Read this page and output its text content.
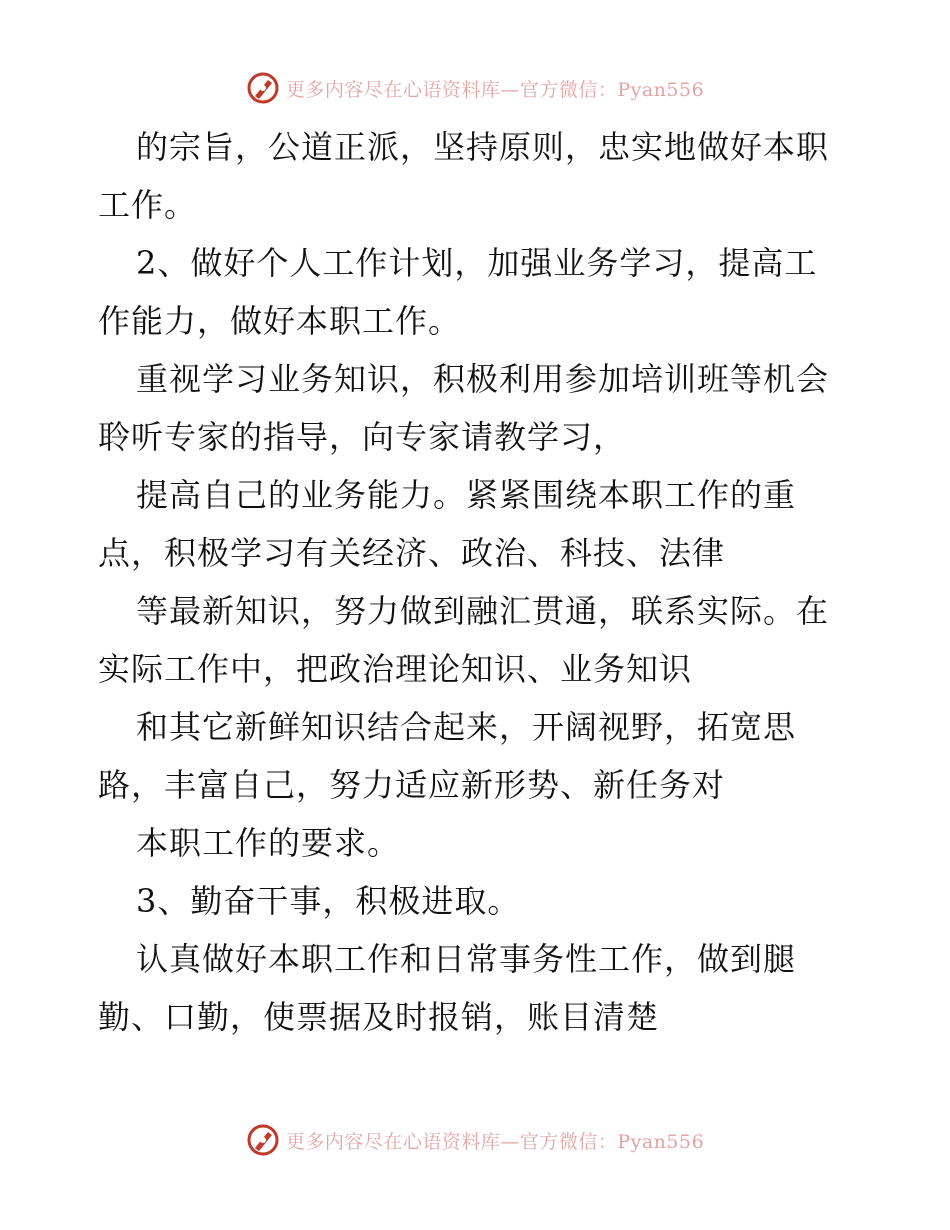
更多内容尽在心语资料库—官方微信：Pyan556
的宗旨，公道正派，坚持原则，忠实地做好本职
工作。
2、做好个人工作计划，加强业务学习，提高工
作能力，做好本职工作。
重视学习业务知识，积极利用参加培训班等机会
聆听专家的指导，向专家请教学习，
提高自己的业务能力。紧紧围绕本职工作的重
点，积极学习有关经济、政治、科技、法律
等最新知识，努力做到融汇贯通，联系实际。在
实际工作中，把政治理论知识、业务知识
和其它新鲜知识结合起来，开阔视野，拓宽思
路，丰富自己，努力适应新形势、新任务对
本职工作的要求。
3、勤奋干事，积极进取。
认真做好本职工作和日常事务性工作，做到腿
勤、口勤，使票据及时报销，账目清楚
更多内容尽在心语资料库—官方微信：Pyan556
